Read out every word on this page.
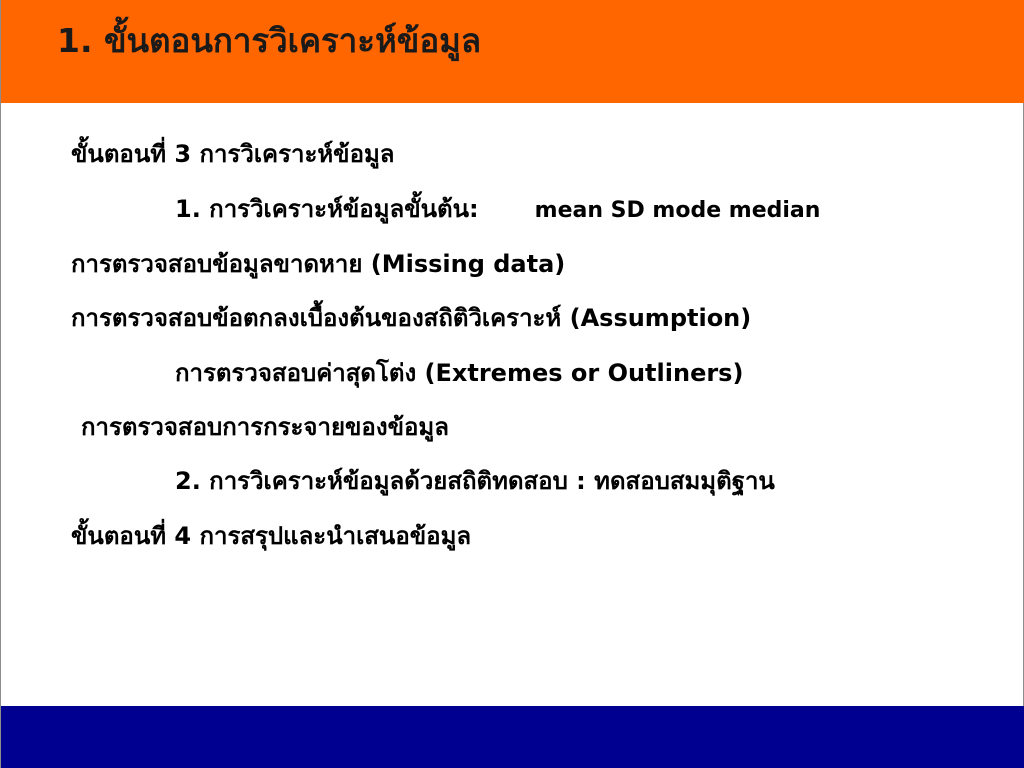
1. ขั้นตอนการวิเคราะห์ข้อมูล
ขั้นตอนที่ 3 การวิเคราะห์ข้อมูล
1. การวิเคราะห์ข้อมูลขั้นต้น:	mean SD mode median
การตรวจสอบข้อมูลขาดหาย (Missing data)
การตรวจสอบข้อตกลงเบื้องต้นของสถิติวิเคราะห์ (Assumption)
การตรวจสอบค่าสุดโต่ง (Extremes or Outliners)
การตรวจสอบการกระจายของข้อมูล
2. การวิเคราะห์ข้อมูลด้วยสถิติทดสอบ : ทดสอบสมมุติฐาน
ขั้นตอนที่ 4 การสรุปและนำเสนอข้อมูล
